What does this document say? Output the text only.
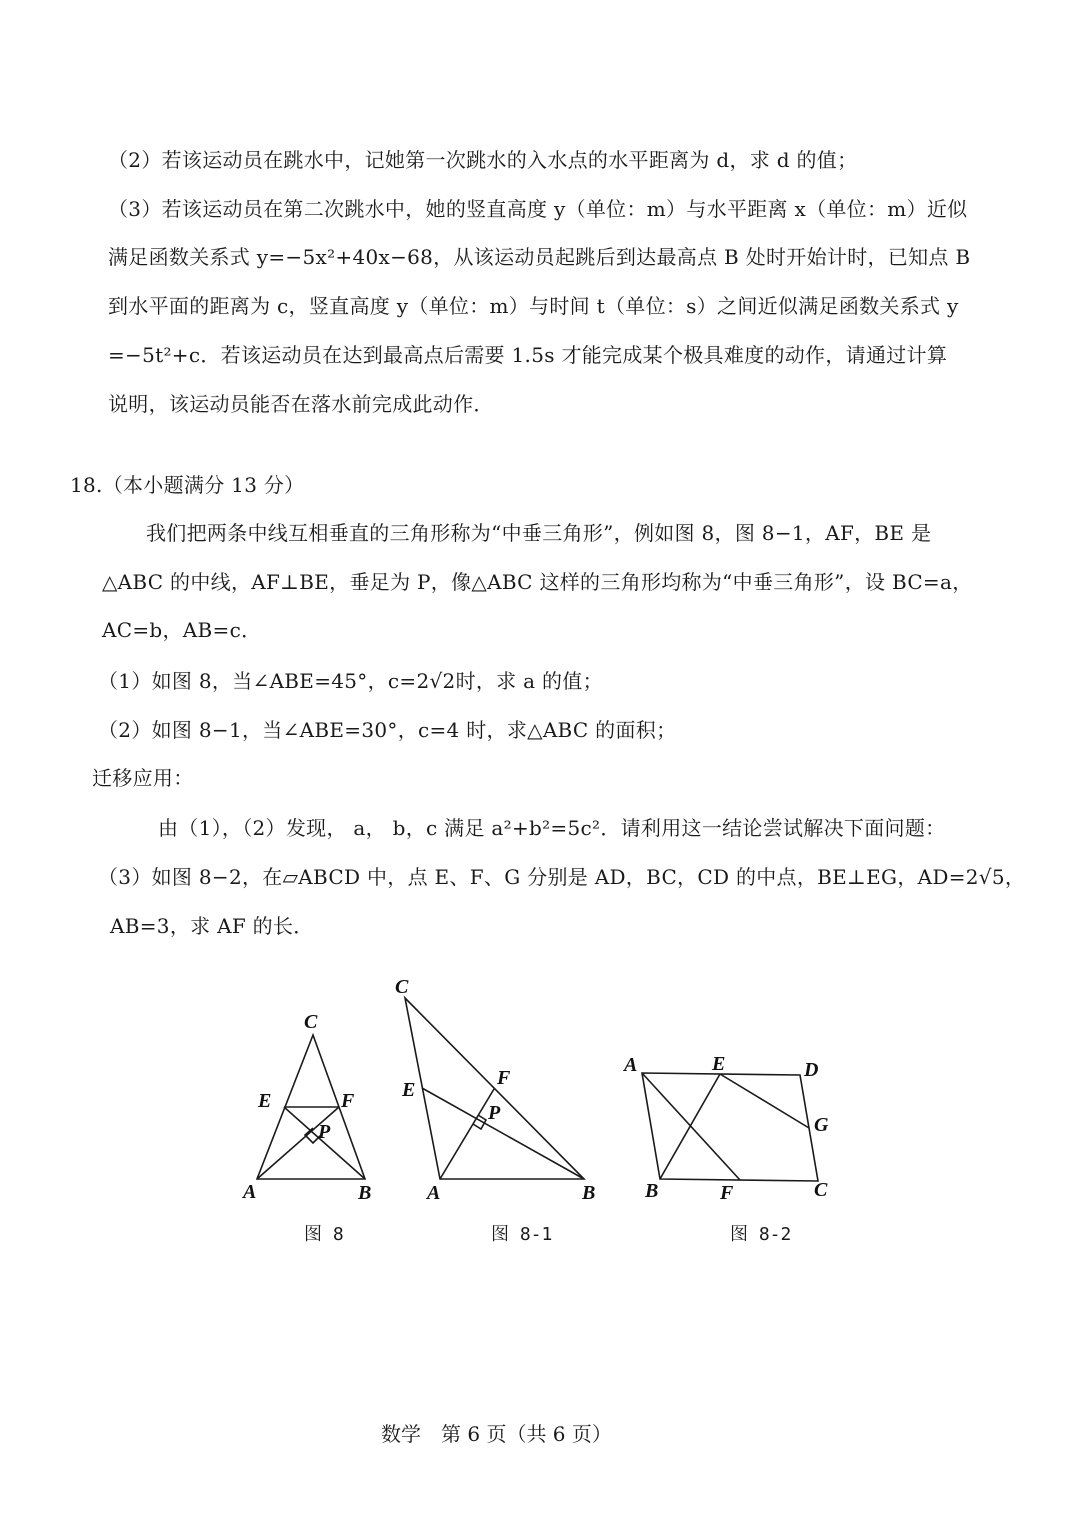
（2）若该运动员在跳水中，记她第一次跳水的入水点的水平距离为 d，求 d 的值；
（3）若该运动员在第二次跳水中，她的竖直高度 y（单位：m）与水平距离 x（单位：m）近似
满足函数关系式 y=−5x²+40x−68，从该运动员起跳后到达最高点 B 处时开始计时，已知点 B
到水平面的距离为 c，竖直高度 y（单位：m）与时间 t（单位：s）之间近似满足函数关系式 y
=−5t²+c．若该运动员在达到最高点后需要 1.5s 才能完成某个极具难度的动作，请通过计算
说明，该运动员能否在落水前完成此动作．
18.（本小题满分 13 分）
我们把两条中线互相垂直的三角形称为“中垂三角形”，例如图 8，图 8−1，AF，BE 是
△ABC 的中线，AF⊥BE，垂足为 P，像△ABC 这样的三角形均称为“中垂三角形”，设 BC=a，
AC=b，AB=c．
（1）如图 8，当∠ABE=45°，c=2√2时，求 a 的值；
（2）如图 8−1，当∠ABE=30°，c=4 时，求△ABC 的面积；
迁移应用：
由（1），（2）发现， a， b，c 满足 a²+b²=5c²．请利用这一结论尝试解决下面问题：
（3）如图 8−2，在▱ABCD 中，点 E、F、G 分别是 AD，BC，CD 的中点，BE⊥EG，AD=2√5，
AB=3，求 AF 的长．
C
E	F
P
A	B
C
E
F
P
A	B
A	E	D
G
B	F	C
图 8	图 8-1	图 8-2
数学　第 6 页（共 6 页）
